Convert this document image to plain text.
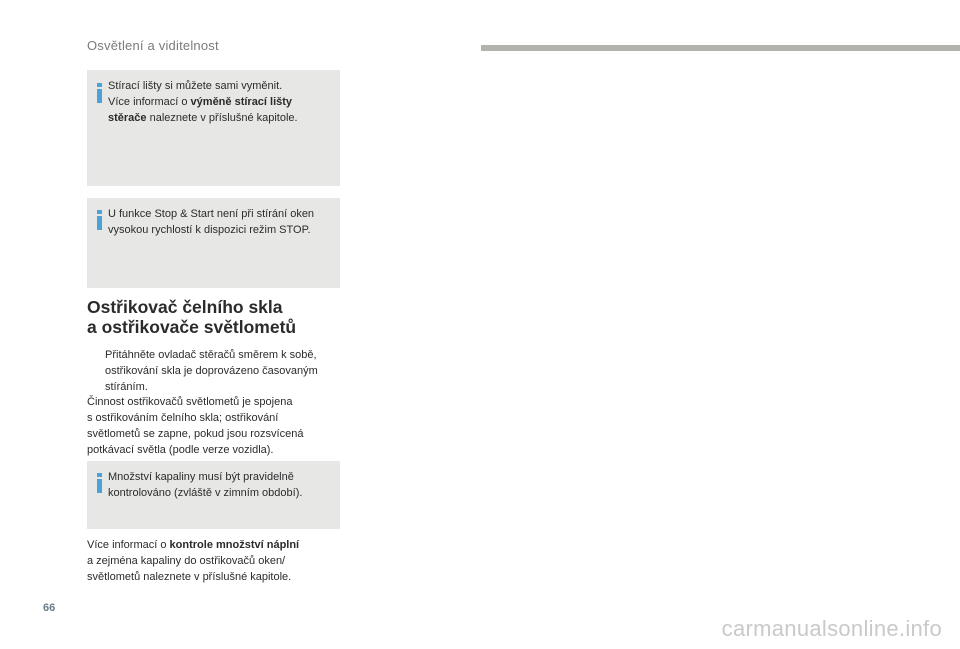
Osvětlení a viditelnost
Stírací lišty si můžete sami vyměnit.
Více informací o výměně stírací lišty
stěrače naleznete v příslušné kapitole.
U funkce Stop & Start není při stírání oken
vysokou rychlostí k dispozici režim STOP.
Ostřikovač čelního skla
a ostřikovače světlometů
Přitáhněte ovladač stěračů směrem k sobě,
ostřikování skla je doprovázeno časovaným
stíráním.
Činnost ostřikovačů světlometů je spojena
s ostřikováním čelního skla; ostřikování
světlometů se zapne, pokud jsou rozsvícená
potkávací světla (podle verze vozidla).
Množství kapaliny musí být pravidelně
kontrolováno (zvláště v zimním období).
Více informací o kontrole množství náplní
a zejména kapaliny do ostřikovačů oken/
světlometů naleznete v příslušné kapitole.
66
carmanualsonline.info
